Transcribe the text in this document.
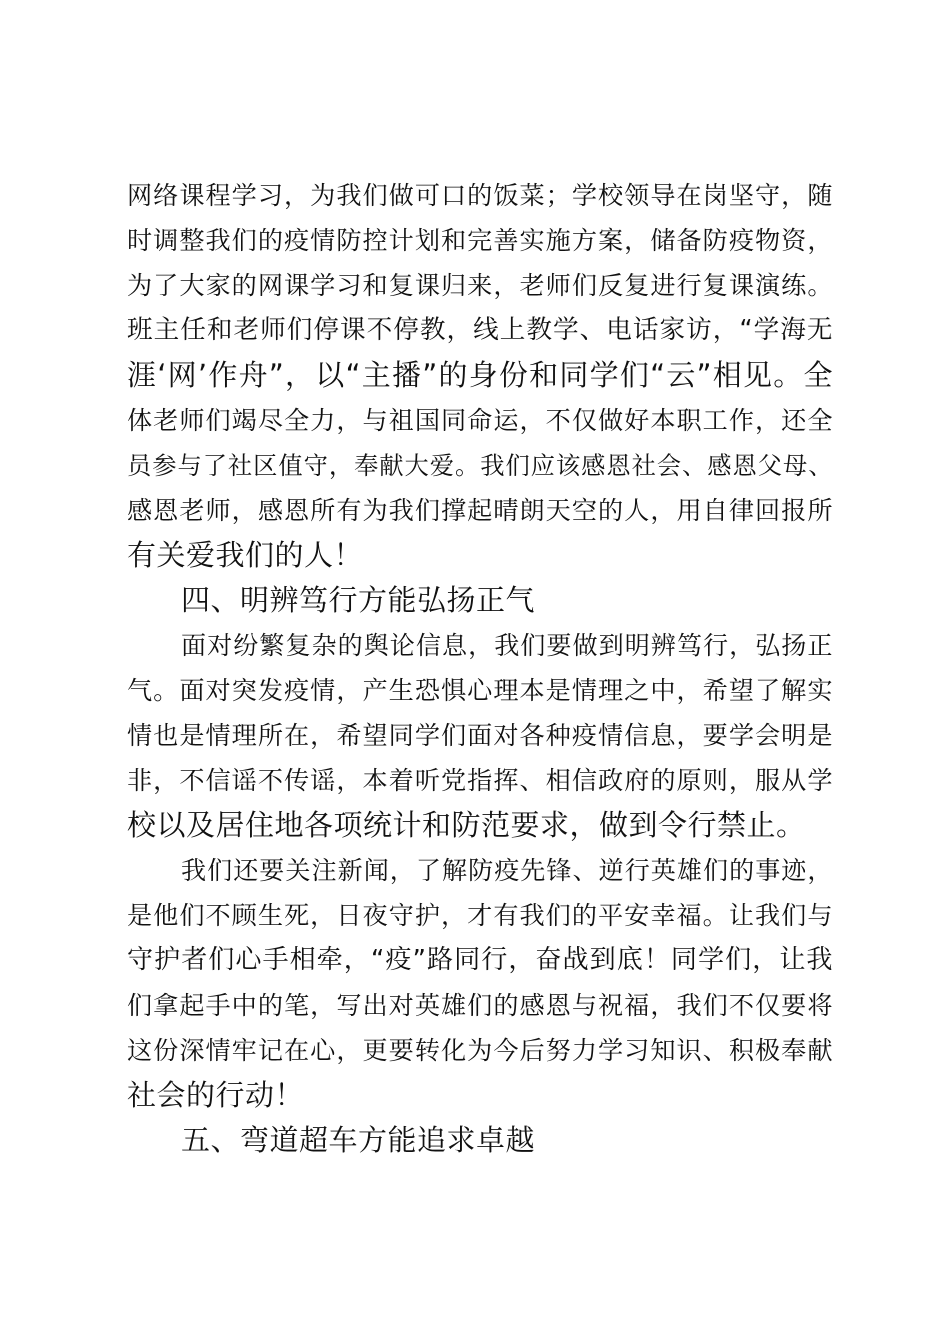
网络课程学习，为我们做可口的饭菜；学校领导在岗坚守，随
时调整我们的疫情防控计划和完善实施方案，储备防疫物资，
为了大家的网课学习和复课归来，老师们反复进行复课演练。
班主任和老师们停课不停教，线上教学、电话家访，“学海无
涯‘网’作舟”，以“主播”的身份和同学们“云”相见。全
体老师们竭尽全力，与祖国同命运，不仅做好本职工作，还全
员参与了社区值守，奉献大爱。我们应该感恩社会、感恩父母、
感恩老师，感恩所有为我们撑起晴朗天空的人，用自律回报所
有关爱我们的人！
四、明辨笃行方能弘扬正气
面对纷繁复杂的舆论信息，我们要做到明辨笃行，弘扬正
气。面对突发疫情，产生恐惧心理本是情理之中，希望了解实
情也是情理所在，希望同学们面对各种疫情信息，要学会明是
非，不信谣不传谣，本着听党指挥、相信政府的原则，服从学
校以及居住地各项统计和防范要求，做到令行禁止。
我们还要关注新闻，了解防疫先锋、逆行英雄们的事迹，
是他们不顾生死，日夜守护，才有我们的平安幸福。让我们与
守护者们心手相牵，“疫”路同行，奋战到底！同学们，让我
们拿起手中的笔，写出对英雄们的感恩与祝福，我们不仅要将
这份深情牢记在心，更要转化为今后努力学习知识、积极奉献
社会的行动！
五、弯道超车方能追求卓越
